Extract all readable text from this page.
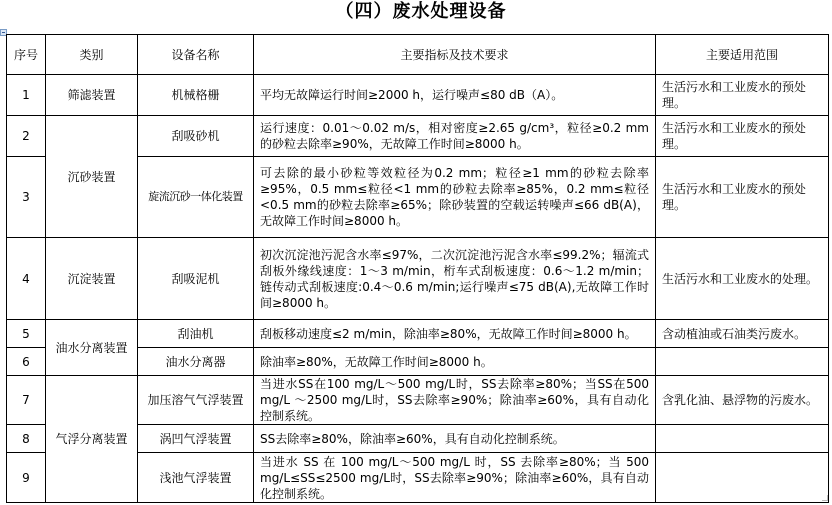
（四）废水处理设备
序号	类别	设备名称	主要指标及技术要求	主要适用范围
1	筛滤装置	机械格栅	平均无故障运行时间≥2000 h，运行噪声≤80 dB（A）。	生活污水和工业废水的预处理。
2	沉砂装置	刮吸砂机	运行速度：0.01～0.02 m/s，相对密度≥2.65 g/cm³，粒径≥0.2 mm的砂粒去除率≥90%，无故障工作时间≥8000 h。	生活污水和工业废水的预处理。
3		旋流沉砂一体化装置	可去除的最小砂粒等效粒径为0.2 mm；粒径≥1 mm的砂粒去除率≥95%，0.5 mm≤粒径<1 mm的砂粒去除率≥85%，0.2 mm≤粒径<0.5 mm的砂粒去除率≥65%；除砂装置的空载运转噪声≤66 dB(A)，无故障工作时间≥8000 h。	生活污水和工业废水的预处理。
4	沉淀装置	刮吸泥机	初次沉淀池污泥含水率≤97%，二次沉淀池污泥含水率≤99.2%；辐流式刮板外缘线速度：1～3 m/min，桁车式刮板速度：0.6～1.2 m/min；链传动式刮板速度:0.4～0.6 m/min;运行噪声≤75 dB(A),无故障工作时间≥8000 h。	生活污水和工业废水的处理。
5	油水分离装置	刮油机	刮板移动速度≤2 m/min，除油率≥80%，无故障工作时间≥8000 h。	含动植油或石油类污废水。
6		油水分离器	除油率≥80%，无故障工作时间≥8000 h。	
7	气浮分离装置	加压溶气气浮装置	当进水SS在100 mg/L～500 mg/L时，SS去除率≥80%；当SS在500 mg/L ～2500 mg/L时，SS去除率≥90%；除油率≥60%，具有自动化控制系统。	含乳化油、悬浮物的污废水。
8		涡凹气浮装置	SS去除率≥80%，除油率≥60%，具有自动化控制系统。	
9		浅池气浮装置	当进水 SS 在 100 mg/L～500 mg/L 时，SS 去除率≥80%；当 500 mg/L≤SS≤2500 mg/L时，SS去除率≥90%；除油率≥60%，具有自动化控制系统。	
